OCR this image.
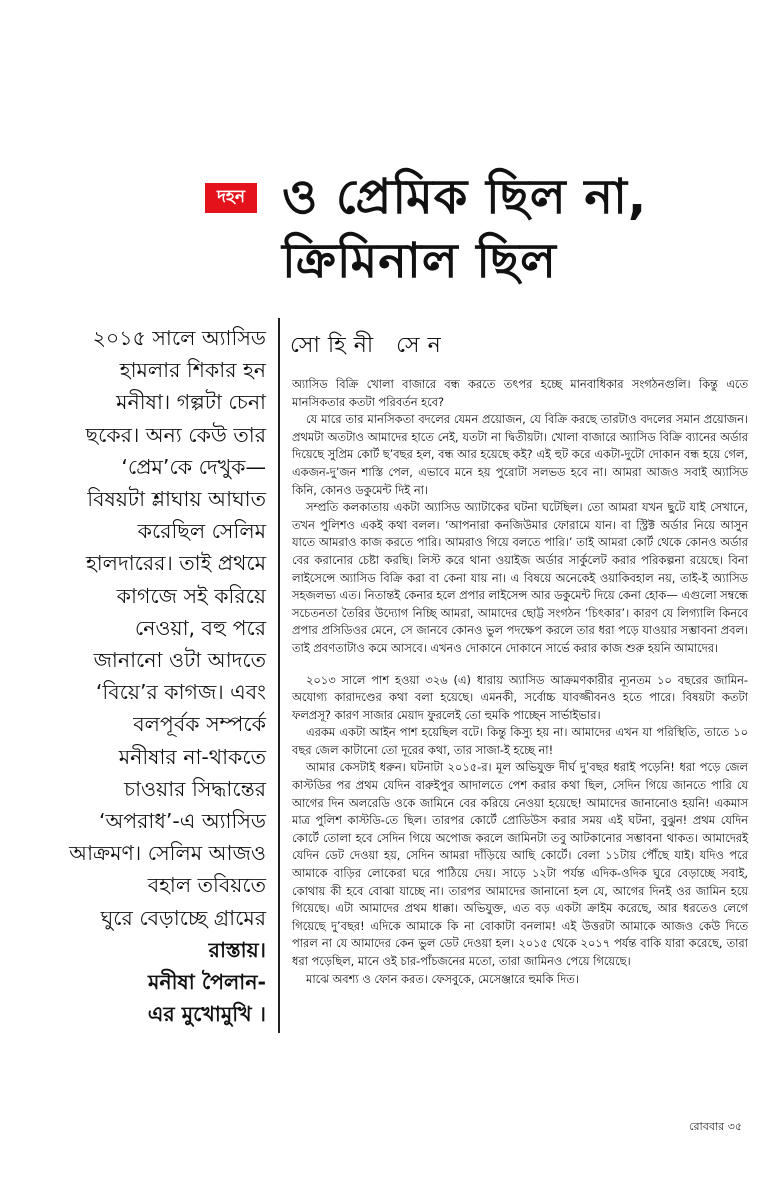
দহন ও প্রেমিক ছিল না,
ক্রিমিনাল ছিল
২০১৫ সালে অ্যাসিড
হামলার শিকার হন
মনীষা। গল্পটা চেনা
ছকের। অন্য কেউ তার
‘প্রেম’কে দেখুক—
বিষয়টা শ্লাঘায় আঘাত
করেছিল সেলিম
হালদারের। তাই প্রথমে
কাগজে সই করিয়ে
নেওয়া, বহু পরে
জানানো ওটা আদতে
‘বিয়ে’র কাগজ। এবং
বলপূর্বক সম্পর্কে
মনীষার না-থাকতে
চাওয়ার সিদ্ধান্তের
‘অপরাধ’-এ অ্যাসিড
আক্রমণ। সেলিম আজও
বহাল তবিয়তে
ঘুরে বেড়াচ্ছে গ্রামের
রাস্তায়।
মনীষা পৈলান-
এর মুখোমুখি ।
সোহিনী সেন

অ্যাসিড বিক্রি খোলা বাজারে বন্ধ করতে তৎপর হচ্ছে মানবাধিকার সংগঠনগুলি। কিন্তু এতে মানসিকতার কতটা পরিবর্তন হবে?

যে মারে তার মানসিকতা বদলের যেমন প্রয়োজন, যে বিক্রি করছে তারটাও বদলের সমান প্রয়োজন। প্রথমটা অতটাও আমাদের হাতে নেই, যতটা না দ্বিতীয়টা। খোলা বাজারে অ্যাসিড বিক্রি ব্যানের অর্ডার দিয়েছে সুপ্রিম কোর্ট ছ’বছর হল, বন্ধ আর হয়েছে কই? এই হুট করে একটা-দুটো দোকান বন্ধ হয়ে গেল, একজন-দু’জন শাস্তি পেল, এভাবে মনে হয় পুরোটা সলভড হবে না। আমরা আজও সবাই অ্যাসিড কিনি, কোনও ডকুমেন্ট দিই না।

সম্প্রতি কলকাতায় একটা অ্যাসিড অ্যাটাকের ঘটনা ঘটেছিল। তো আমরা যখন ছুটে যাই সেখানে, তখন পুলিশও একই কথা বলল। ‘আপনারা কনজিউমার ফোরামে যান। বা স্ট্রিক্ট অর্ডার নিয়ে আসুন যাতে আমরাও কাজ করতে পারি। আমরাও গিয়ে বলতে পারি।’ তাই আমরা কোর্ট থেকে কোনও অর্ডার বের করানোর চেষ্টা করছি। লিস্ট করে থানা ওয়াইজ অর্ডার সার্কুলেট করার পরিকল্পনা রয়েছে। বিনা লাইসেন্সে অ্যাসিড বিক্রি করা বা কেনা যায় না। এ বিষয়ে অনেকেই ওয়াকিবহাল নয়, তাই-ই অ্যাসিড সহজলভ্য এত। নিতান্তই কেনার হলে প্রপার লাইসেন্স আর ডকুমেন্ট দিয়ে কেনা হোক— এগুলো সম্বন্ধে সচেতনতা তৈরির উদ্যোগ নিচ্ছি আমরা, আমাদের ছোট্ট সংগঠন ‘চিৎকার’। কারণ যে লিগ্যালি কিনবে প্রপার প্রসিডিওর মেনে, সে জানবে কোনও ভুল পদক্ষেপ করলে তার ধরা পড়ে যাওয়ার সম্ভাবনা প্রবল। তাই প্রবণতাটাও কমে আসবে। এখনও দোকানে দোকানে সার্ভে করার কাজ শুরু হয়নি আমাদের।

২০১৩ সালে পাশ হওয়া ৩২৬ (এ) ধারায় অ্যাসিড আক্রমণকারীর ন্যূনতম ১০ বছরের জামিন-অযোগ্য কারাদণ্ডের কথা বলা হয়েছে। এমনকী, সর্বোচ্চ যাবজ্জীবনও হতে পারে। বিষয়টা কতটা ফলপ্রসূ? কারণ সাজার মেয়াদ ফুরলেই তো হুমকি পাচ্ছেন সার্ভাইভার।

এরকম একটা আইন পাশ হয়েছিল বটে। কিন্তু কিস্যু হয় না। আমাদের এখন যা পরিস্থিতি, তাতে ১০ বছর জেল কাটানো তো দূরের কথা, তার সাজা-ই হচ্ছে না!

আমার কেসটাই ধরুন। ঘটনাটা ২০১৫-র। মূল অভিযুক্ত দীর্ঘ দু’বছর ধরাই পড়েনি! ধরা পড়ে জেল কাস্টডির পর প্রথম যেদিন বারুইপুর আদালতে পেশ করার কথা ছিল, সেদিন গিয়ে জানতে পারি যে আগের দিন অলরেডি ওকে জামিনে বের করিয়ে নেওয়া হয়েছে! আমাদের জানানোও হয়নি! একমাস মাত্র পুলিশ কাস্টডি-তে ছিল। তারপর কোর্টে প্রোডিউস করার সময় এই ঘটনা, বুঝুন! প্রথম যেদিন কোর্টে তোলা হবে সেদিন গিয়ে অপোজ করলে জামিনটা তবু আটকানোর সম্ভাবনা থাকত। আমাদেরই যেদিন ডেট দেওয়া হয়, সেদিন আমরা দাঁড়িয়ে আছি কোর্টে। বেলা ১১টায় পৌঁছে যাই। যদিও পরে আমাকে বাড়ির লোকেরা ঘরে পাঠিয়ে দেয়। সাড়ে ১২টা পর্যন্ত এদিক-ওদিক ঘুরে বেড়াচ্ছে সবাই, কোথায় কী হবে বোঝা যাচ্ছে না। তারপর আমাদের জানানো হল যে, আগের দিনই ওর জামিন হয়ে গিয়েছে। এটা আমাদের প্রথম ধাক্কা। অভিযুক্ত, এত বড় একটা ক্রাইম করেছে, আর ধরতেও লেগে গিয়েছে দু’বছর! এদিকে আমাকে কি না বোকাটা বনলাম! এই উত্তরটা আমাকে আজও কেউ দিতে পারল না যে আমাদের কেন ভুল ডেট দেওয়া হল। ২০১৫ থেকে ২০১৭ পর্যন্ত বাকি যারা করেছে, তারা ধরা পড়েছিল, মানে ওই চার-পাঁচজনের মতো, তারা জামিনও পেয়ে গিয়েছে।

মাঝে অবশ্য ও ফোন করত। ফেসবুকে, মেসেঞ্জারে হুমকি দিত।

রোববার ৩৫
